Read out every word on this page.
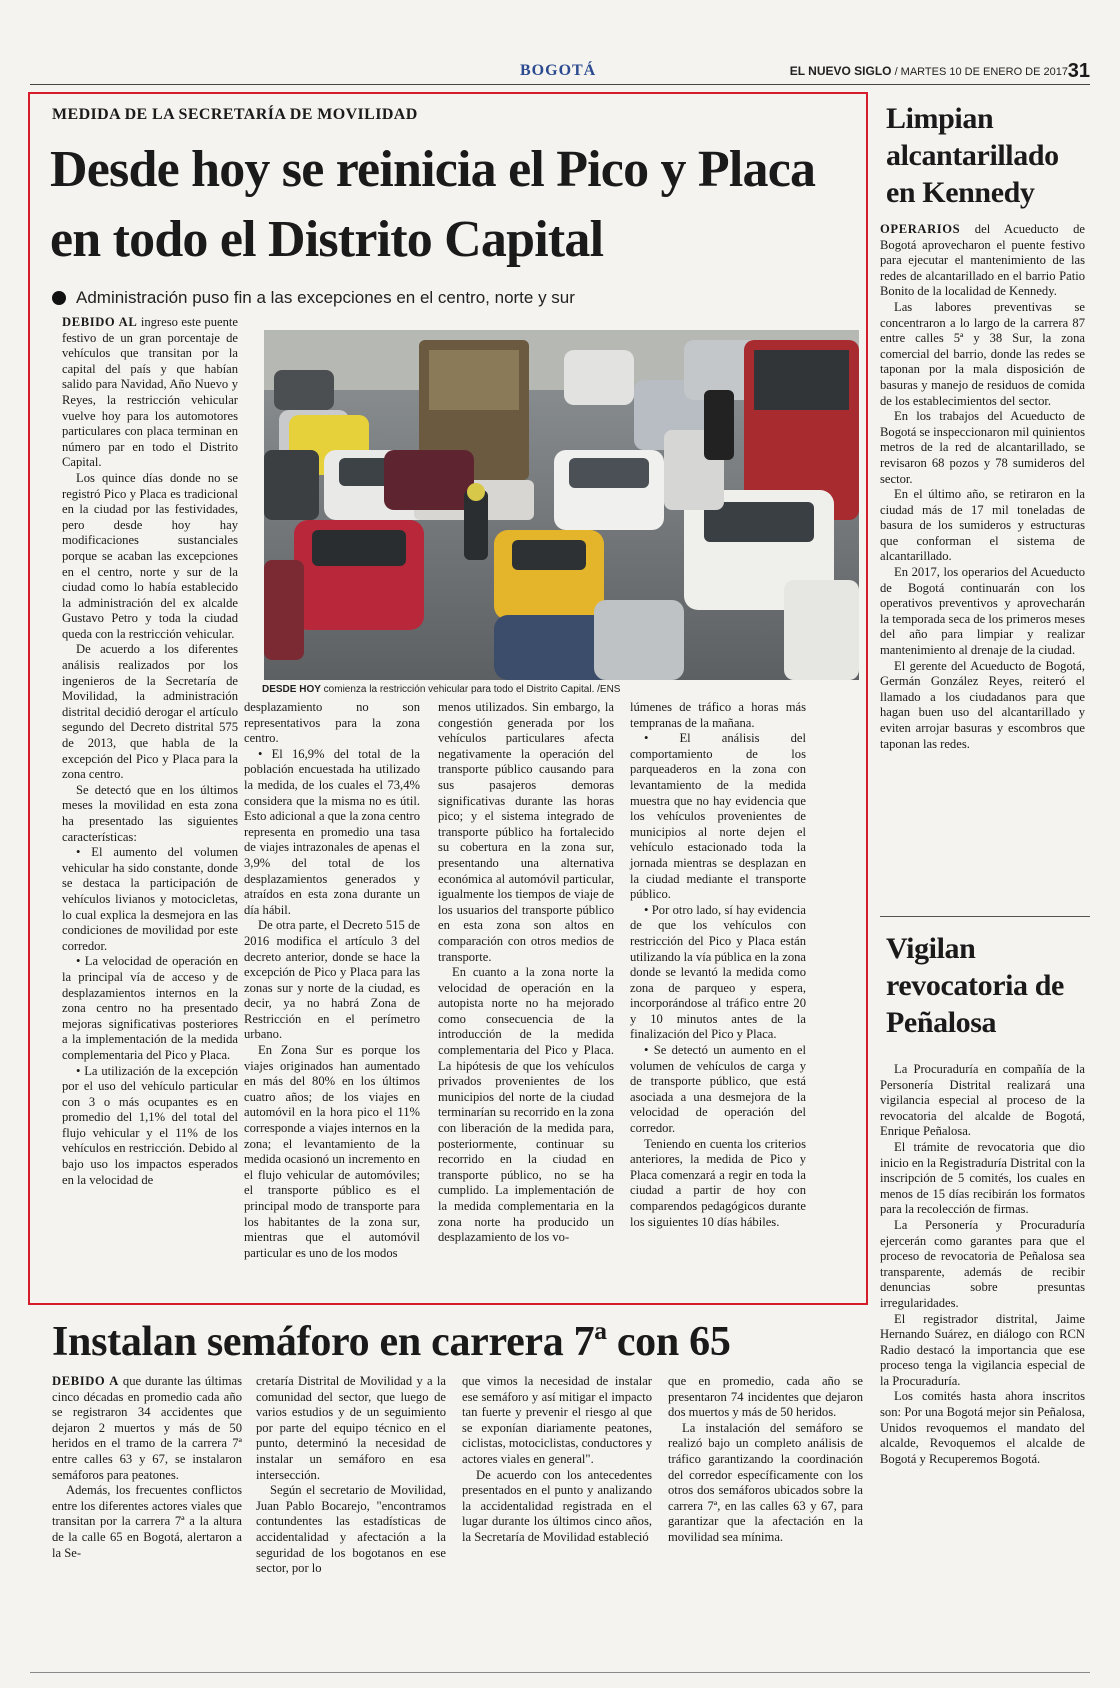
BOGOTÁ	EL NUEVO SIGLO / MARTES 10 DE ENERO DE 2017 31
MEDIDA DE LA SECRETARÍA DE MOVILIDAD
Desde hoy se reinicia el Pico y Placa en todo el Distrito Capital
Administración puso fin a las excepciones en el centro, norte y sur

DEBIDO AL ingreso este puente festivo de un gran porcentaje de vehículos que transitan por la capital del país y que habían salido para Navidad, Año Nuevo y Reyes, la restricción vehicular vuelve hoy para los automotores particulares con placa terminan en número par en todo el Distrito Capital.

Los quince días donde no se registró Pico y Placa es tradicional en la ciudad por las festividades, pero desde hoy hay modificaciones sustanciales porque se acaban las excepciones en el centro, norte y sur de la ciudad como lo había establecido la administración del ex alcalde Gustavo Petro y toda la ciudad queda con la restricción vehicular.

De acuerdo a los diferentes análisis realizados por los ingenieros de la Secretaría de Movilidad, la administración distrital decidió derogar el artículo segundo del Decreto distrital 575 de 2013, que habla de la excepción del Pico y Placa para la zona centro.

Se detectó que en los últimos meses la movilidad en esta zona ha presentado las siguientes características:

• El aumento del volumen vehicular ha sido constante, donde se destaca la participación de vehículos livianos y motocicletas, lo cual explica la desmejora en las condiciones de movilidad por este corredor.

• La velocidad de operación en la principal vía de acceso y de desplazamientos internos en la zona centro no ha presentado mejoras significativas posteriores a la implementación de la medida complementaria del Pico y Placa.

• La utilización de la excepción por el uso del vehículo particular con 3 o más ocupantes es en promedio del 1,1% del total del flujo vehicular y el 11% de los vehículos en restricción. Debido al bajo uso los impactos esperados en la velocidad de

DESDE HOY comienza la restricción vehicular para todo el Distrito Capital. /ENS

desplazamiento no son representativos para la zona centro.

• El 16,9% del total de la población encuestada ha utilizado la medida, de los cuales el 73,4% considera que la misma no es útil. Esto adicional a que la zona centro representa en promedio una tasa de viajes intrazonales de apenas el 3,9% del total de los desplazamientos generados y atraídos en esta zona durante un día hábil.

De otra parte, el Decreto 515 de 2016 modifica el artículo 3 del decreto anterior, donde se hace la excepción de Pico y Placa para las zonas sur y norte de la ciudad, es decir, ya no habrá Zona de Restricción en el perímetro urbano.

En Zona Sur es porque los viajes originados han aumentado en más del 80% en los últimos cuatro años; de los viajes en automóvil en la hora pico el 11% corresponde a viajes internos en la zona; el levantamiento de la medida ocasionó un incremento en el flujo vehicular de automóviles; el transporte público es el principal modo de transporte para los habitantes de la zona sur, mientras que el automóvil particular es uno de los modos

menos utilizados. Sin embargo, la congestión generada por los vehículos particulares afecta negativamente la operación del transporte público causando para sus pasajeros demoras significativas durante las horas pico; y el sistema integrado de transporte público ha fortalecido su cobertura en la zona sur, presentando una alternativa económica al automóvil particular, igualmente los tiempos de viaje de los usuarios del transporte público en esta zona son altos en comparación con otros medios de transporte.

En cuanto a la zona norte la velocidad de operación en la autopista norte no ha mejorado como consecuencia de la introducción de la medida complementaria del Pico y Placa. La hipótesis de que los vehículos privados provenientes de los municipios del norte de la ciudad terminarían su recorrido en la zona con liberación de la medida para, posteriormente, continuar su recorrido en la ciudad en transporte público, no se ha cumplido. La implementación de la medida complementaria en la zona norte ha producido un desplazamiento de los vo-

lúmenes de tráfico a horas más tempranas de la mañana.

• El análisis del comportamiento de los parqueaderos en la zona con levantamiento de la medida muestra que no hay evidencia que los vehículos provenientes de municipios al norte dejen el vehículo estacionado toda la jornada mientras se desplazan en la ciudad mediante el transporte público.

• Por otro lado, sí hay evidencia de que los vehículos con restricción del Pico y Placa están utilizando la vía pública en la zona donde se levantó la medida como zona de parqueo y espera, incorporándose al tráfico entre 20 y 10 minutos antes de la finalización del Pico y Placa.

• Se detectó un aumento en el volumen de vehículos de carga y de transporte público, que está asociada a una desmejora de la velocidad de operación del corredor.

Teniendo en cuenta los criterios anteriores, la medida de Pico y Placa comenzará a regir en toda la ciudad a partir de hoy con comparendos pedagógicos durante los siguientes 10 días hábiles.

Limpian alcantarillado en Kennedy

OPERARIOS del Acueducto de Bogotá aprovecharon el puente festivo para ejecutar el mantenimiento de las redes de alcantarillado en el barrio Patio Bonito de la localidad de Kennedy.

Las labores preventivas se concentraron a lo largo de la carrera 87 entre calles 5ª y 38 Sur, la zona comercial del barrio, donde las redes se taponan por la mala disposición de basuras y manejo de residuos de comida de los establecimientos del sector.

En los trabajos del Acueducto de Bogotá se inspeccionaron mil quinientos metros de la red de alcantarillado, se revisaron 68 pozos y 78 sumideros del sector.

En el último año, se retiraron en la ciudad más de 17 mil toneladas de basura de los sumideros y estructuras que conforman el sistema de alcantarillado.

En 2017, los operarios del Acueducto de Bogotá continuarán con los operativos preventivos y aprovecharán la temporada seca de los primeros meses del año para limpiar y realizar mantenimiento al drenaje de la ciudad.

El gerente del Acueducto de Bogotá, Germán González Reyes, reiteró el llamado a los ciudadanos para que hagan buen uso del alcantarillado y eviten arrojar basuras y escombros que taponan las redes.

Vigilan revocatoria de Peñalosa

La Procuraduría en compañía de la Personería Distrital realizará una vigilancia especial al proceso de la revocatoria del alcalde de Bogotá, Enrique Peñalosa.

El trámite de revocatoria que dio inicio en la Registraduría Distrital con la inscripción de 5 comités, los cuales en menos de 15 días recibirán los formatos para la recolección de firmas.

La Personería y Procuraduría ejercerán como garantes para que el proceso de revocatoria de Peñalosa sea transparente, además de recibir denuncias sobre presuntas irregularidades.

El registrador distrital, Jaime Hernando Suárez, en diálogo con RCN Radio destacó la importancia que ese proceso tenga la vigilancia especial de la Procuraduría.

Los comités hasta ahora inscritos son: Por una Bogotá mejor sin Peñalosa, Unidos revoquemos el mandato del alcalde, Revoquemos el alcalde de Bogotá y Recuperemos Bogotá.

Instalan semáforo en carrera 7ª con 65

DEBIDO A que durante las últimas cinco décadas en promedio cada año se registraron 34 accidentes que dejaron 2 muertos y más de 50 heridos en el tramo de la carrera 7ª entre calles 63 y 67, se instalaron semáforos para peatones.

Además, los frecuentes conflictos entre los diferentes actores viales que transitan por la carrera 7ª a la altura de la calle 65 en Bogotá, alertaron a la Se-

cretaría Distrital de Movilidad y a la comunidad del sector, que luego de varios estudios y de un seguimiento por parte del equipo técnico en el punto, determinó la necesidad de instalar un semáforo en esa intersección.

Según el secretario de Movilidad, Juan Pablo Bocarejo, "encontramos contundentes las estadísticas de accidentalidad y afectación a la seguridad de los bogotanos en ese sector, por lo

que vimos la necesidad de instalar ese semáforo y así mitigar el impacto tan fuerte y prevenir el riesgo al que se exponían diariamente peatones, ciclistas, motociclistas, conductores y actores viales en general".

De acuerdo con los antecedentes presentados en el punto y analizando la accidentalidad registrada en el lugar durante los últimos cinco años, la Secretaría de Movilidad estableció

que en promedio, cada año se presentaron 74 incidentes que dejaron dos muertos y más de 50 heridos.

La instalación del semáforo se realizó bajo un completo análisis de tráfico garantizando la coordinación del corredor específicamente con los otros dos semáforos ubicados sobre la carrera 7ª, en las calles 63 y 67, para garantizar que la afectación en la movilidad sea mínima.
